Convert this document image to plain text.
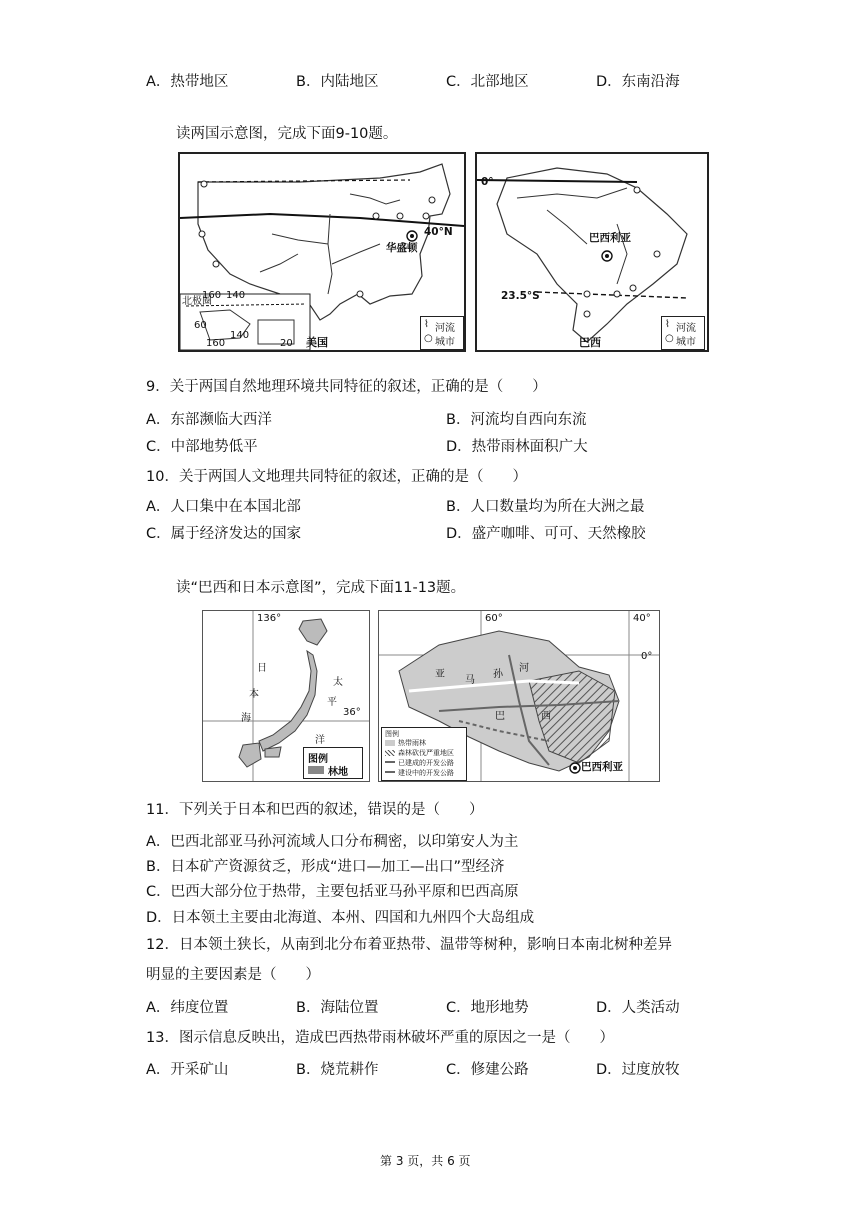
A．热带地区	B．内陆地区	C．北部地区	D．东南沿海
读两国示意图，完成下面9-10题。
40°N
华盛顿
北极圈
160 140
60
140
160	20
⌇ 河流
○ 城市
美国
0°
23.5°S
巴西利亚
⌇ 河流
○ 城市
巴西
9．关于两国自然地理环境共同特征的叙述，正确的是（　　）
A．东部濒临大西洋	B．河流均自西向东流
C．中部地势低平	D．热带雨林面积广大
10．关于两国人文地理共同特征的叙述，正确的是（　　）
A．人口集中在本国北部	B．人口数量均为所在大洲之最
C．属于经济发达的国家	D．盛产咖啡、可可、天然橡胶
读“巴西和日本示意图”，完成下面11-13题。
136°
36°
日
本
海
太
平
洋
图例
林地
60°	40°
0°
亚
马
孙
河
巴	西
巴西利亚
图例
热带雨林
森林砍伐严重地区
已建成的开发公路
建设中的开发公路
11．下列关于日本和巴西的叙述，错误的是（　　）
A．巴西北部亚马孙河流域人口分布稠密，以印第安人为主
B．日本矿产资源贫乏，形成“进口—加工—出口”型经济
C．巴西大部分位于热带，主要包括亚马孙平原和巴西高原
D．日本领土主要由北海道、本州、四国和九州四个大岛组成
12．日本领土狭长，从南到北分布着亚热带、温带等树种，影响日本南北树种差异
明显的主要因素是（　　）
A．纬度位置	B．海陆位置	C．地形地势	D．人类活动
13．图示信息反映出，造成巴西热带雨林破坏严重的原因之一是（　　）
A．开采矿山	B．烧荒耕作	C．修建公路	D．过度放牧
第 3 页，共 6 页
